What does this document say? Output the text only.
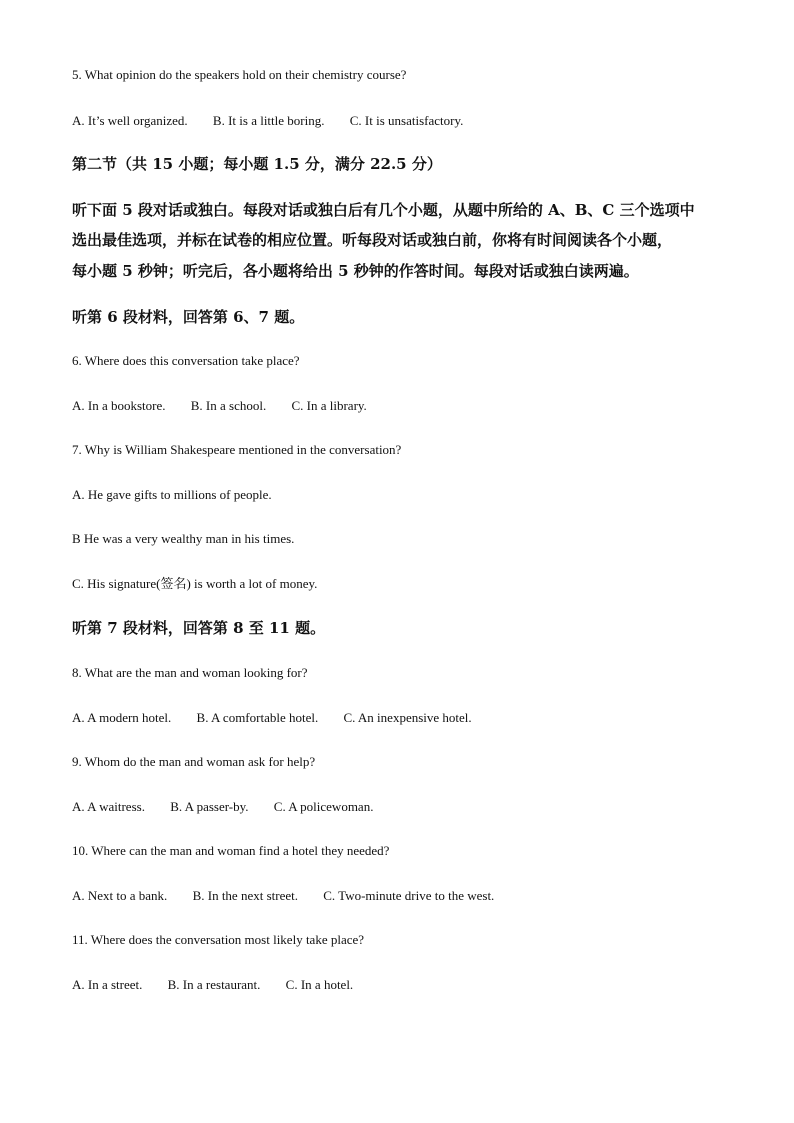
5. What opinion do the speakers hold on their chemistry course?
A. It’s well organized. B. It is a little boring. C. It is unsatisfactory.
第二节（共 15 小题；每小题 1.5 分，满分 22.5 分）
听下面 5 段对话或独白。每段对话或独白后有几个小题，从题中所给的 A、B、C 三个选项中
选出最佳选项，并标在试卷的相应位置。听每段对话或独白前，你将有时间阅读各个小题，
每小题 5 秒钟；听完后，各小题将给出 5 秒钟的作答时间。每段对话或独白读两遍。
听第 6 段材料，回答第 6、7 题。
6. Where does this conversation take place?
A. In a bookstore. B. In a school. C. In a library.
7. Why is William Shakespeare mentioned in the conversation?
A. He gave gifts to millions of people.
B He was a very wealthy man in his times.
C. His signature(签名) is worth a lot of money.
听第 7 段材料，回答第 8 至 11 题。
8. What are the man and woman looking for?
A. A modern hotel. B. A comfortable hotel. C. An inexpensive hotel.
9. Whom do the man and woman ask for help?
A. A waitress. B. A passer-by. C. A policewoman.
10. Where can the man and woman find a hotel they needed?
A. Next to a bank. B. In the next street. C. Two-minute drive to the west.
11. Where does the conversation most likely take place?
A. In a street. B. In a restaurant. C. In a hotel.
